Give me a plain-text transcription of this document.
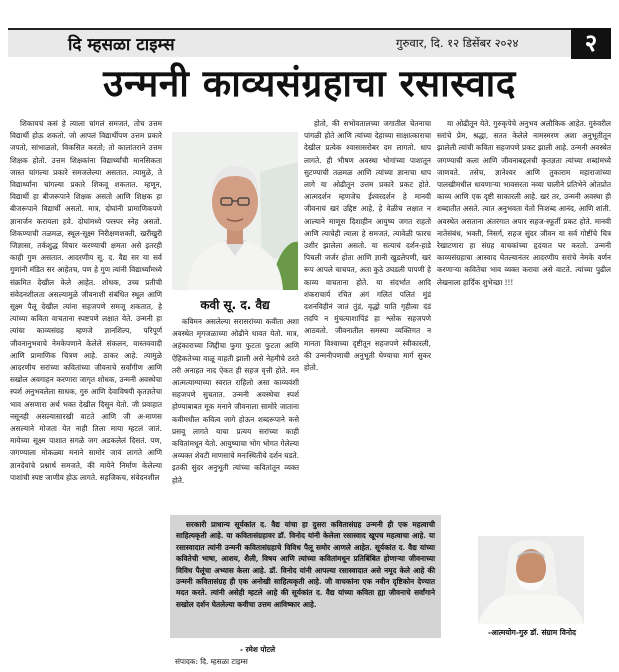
दि म्हसळा टाइम्स	गुरुवार, दि. १२ डिसेंबर २०२४	२
उन्मनी काव्यसंग्रहाचा रसास्वाद

शिकायचं कसं हे त्याला चांगलं समजतं, तोच उत्तम विद्यार्थी होऊ शकतो. जो आपलं विद्यार्थीपण उत्तम प्रकारे जपतो, सांभाळतो, विकसित करतो; तो कालांतराने उत्तम शिक्षक होतो. उत्तम शिक्षकांना विद्यार्थ्यांची मानसिकता जास्त चांगल्या प्रकारे समजलेल्या असतात. त्यामुळे, ते विद्यार्थ्यांना चांगल्या प्रकारे शिकवू शकतात. म्हणून, विद्यार्थी हा बीजरूपाने शिक्षक असतो आणि शिक्षक हा बीजरूपाने विद्यार्थी असतो. मात्र, दोघांनी प्रामाणिकपणे ज्ञानार्जन करायला हवे. दोघांमध्ये परस्पर स्नेह असतो. शिकण्याची तळमळ, स्थूल-सूक्ष्म निरीक्षणशक्ती, खरीखुरी जिज्ञासा, तर्कशुद्ध विचार करण्याची क्षमता असे इतरही काही गुण असतात. आदरणीय सू. द. वैद्य सर या सर्व गुणांनी मंडित सर आहेतच, पण हे गुण त्यांनी विद्यार्थ्यांमध्ये संक्रमित देखील केले आहेत. शोधक, उच्च प्रतीची संवेदनशीलता असल्यामुळे जीवनाशी संबंधित स्थूल आणि सूक्ष्म पैलू देखील त्यांना सहजपणे समजू शकतात, हे त्यांच्या कविता वाचताना स्पष्टपणे लक्षात येते. उन्मनी हा त्यांचा काव्यसंग्रह म्हणजे ज्ञानशिल्प, परिपूर्ण जीवनानुभवाचे नेमकेपणाने केलेले संकलन, वास्तववादी आणि प्रामाणिक चित्रण आहे. ठाकर आहे. त्यामुळे आदरणीय सरांच्या कवितांच्या जीवनाचे सर्वांगीण आणि सखोल अवगाहन करणारा जागृत शोधक, उन्मनी अवस्थेचा स्पर्श अनुभवलेला साधक, गुरु आणि देवाविषयी कृतज्ञतेचा भाव असणारा अर्थ भक्त देखील दिसून येतो. जी प्रवाहात नसूनही असल्यासारखी वाटते आणि जी अ-माणस असल्याने मोजता येत नाही तिला माया म्हटलं जातं. मायेच्या सूक्ष्म पाशात सगळे जग अडकलेलं दिसतं. पण, जगण्याला मोकळ्या मनाने सामोरं जावं लागते आणि ज्ञानदेवांचे प्रश्नार्थ समजते, की मायेने निर्माण केलेल्या पाशांची स्पष्ट जाणीव होऊ लागते. सहजिकच, संवेदनशील

कवी सू. द. वैद्य

कविमन असलेल्या सरासरांच्या कवीता अशा अवस्थेत मृगजळाच्या ओढीने धावत येतो. मात्र, अहंकाराच्या जिद्दीचा फुगा फुटता फुटता आणि ऐहिकतेच्या वाळू वाहती झाली असे नेहमीचे ठरते तरी अनाहत नाद ऐकत ही सहज वृत्ती होते. मन आत्मत्याग्याच्या स्वरात राहिलो असा काव्यवंशी सहजपणे सुचतात. उन्मनी अवस्थेचा स्पर्श होण्याबाबत मूक मनाने जीवनाला सामोरे जाताना कवीमधील कवित्व जागे होऊन शब्दरूपाने कसे प्रसवू लागते याचा प्रत्यय सरांच्या काही कवितांमधून येतो. आयुष्याचा भोग भोगत गेलेल्या अव्यक्त शेवटी माणसाचे मनःस्थितीचे दर्शन घडते. इतकी सुंदर अनुभूती त्यांच्या कवितांतून व्यक्त होते.

होतो, की सभोवतालच्या जगातील चेतनाचा पांगळी होते आणि त्यांच्या देहाच्या साक्षात्काराचा देखील प्रत्येक श्वासासरोबर दम लागतो. धाप लागते. ही भीषण अवस्था भोगांच्या पाशातून सुटण्याची तळमळ आणि त्यांच्या ज्ञानाचा धाप लागे या ओढीतून उत्तम प्रकारे प्रकट होते. आत्मदर्शन म्हणजेच ईश्वरदर्शन हे मानवी जीवनाचं खरं उद्दिष्ट आहे, हे वेळीच लक्षात न आल्याने माणूस दिशाहीन आयुष्य जगत राहतो आणि त्याचेही त्याला हे समजतं, त्यावेळी फारच उशीर झालेला असतो. या सत्याचं दर्शन-हाडे पिचली जर्जर होता आणि ज्ञानी खुडलेपणी, खरं रूप आपले चाचपत, अता कुठे उघडली पापणी हे काव्य वाचताना होते. या संदर्भात आदि शंकराचार्य रचित अंगं गलितं पलितं मुंडं दशनविहीनं जातं तुंडं, वृद्धो याति गृहीत्वा दंडं तदपि न मुंचत्याशापिंडं हा श्लोक सहजपणे आठवतो. जीवनातील समस्या व्यक्तिगत न मानता विश्वाच्या दृष्टीतून सहजपणे स्वीकारली, की उन्मनीपणाची अनुभूती घेण्याचा मार्ग सुकर होतो.

या ओढीतून येते. गुरुकृपेचे अनुभव अलौकिक आहेत. गुरुंवरील सरांचे प्रेम, श्रद्धा, सतत केलेले नामस्मरण अशा अनुभूतीतून झालेली त्यांची कविता सहजपणे प्रकट झाली आहे. उन्मनी अवस्थेत जगण्याची कला आणि जीवनाबद्दलची कृतज्ञता त्यांच्या शब्दांमध्ये जाणवते. तसेच, ज्ञानेश्वर आणि तुकाराम महाराजांच्या पालखीमधील धावणाऱ्या भावसरता नव्या चालीने प्रतिभेने ओतप्रोत काव्य आणि एक दृष्टी साकारली आहे. खरं तर, उन्मनी अवस्था ही शब्दातीत असते. त्यात अनुभवता येतो निःशब्द आनंद, आणि शांती. अवस्थेत असताना अंतरंगात अपार सहज-स्फूर्ती प्रकट होते. मानवी नातेसंबंध, भक्ती, निसर्ग, सहज सुंदर जीवन या सर्व गोष्टींचे चित्र रेखाटणारा हा संग्रह वाचकांच्या हृदयात घर करतो. उन्मनी काव्यसंग्रहाचा आस्वाद घेतल्यानंतर आदरणीय सरांचे नेमके वर्णन करणाऱ्या कवितेचा भाव व्यक्त करावा असे वाटते. त्यांच्या पुढील लेखनाला हार्दिक शुभेच्छा !!!

सरकारी प्राधान्य सूर्यकांत द. वैद्य यांचा हा दुसरा कवितासंग्रह उन्मनी ही एक महत्वाची साहित्यकृती आहे. या कवितासंग्रहावर डॉ. विनोद यांनी केलेला रसास्वाद खूपच महत्वाचा आहे. या रसास्वादात त्यांनी उन्मनी कवितासंग्रहाचे विविध पैलू समोर आणले आहेत. सूर्यकांत द. वैद्य यांच्या कवितेची भाषा, आशय, शैली, विषय आणि त्यांच्या कवितांमधून प्रतिबिंबित होणाऱ्या जीवनाच्या विविध पैलूंचा अभ्यास केला आहे. डॉ. विनोद यांनी आपल्या रसास्वादात असे नमूद केले आहे की उन्मनी कवितासंग्रह ही एक अनोखी साहित्यकृती आहे. जी वाचकांना एक नवीन दृष्टिकोन देण्यात मदत करते. त्यांनी असेही म्हटले आहे की सूर्यकांत द. वैद्य यांच्या कविता ह्या जीवनाचे सर्वांगाने सखोल दर्शन घेतलेल्या कवीचा उत्तम आविष्कार आहे.

- रमेश पोटले
संपादक: दि. म्हसळा टाइम्स
-आत्मयोग-गुरु डॉ. संग्राम विनोद
